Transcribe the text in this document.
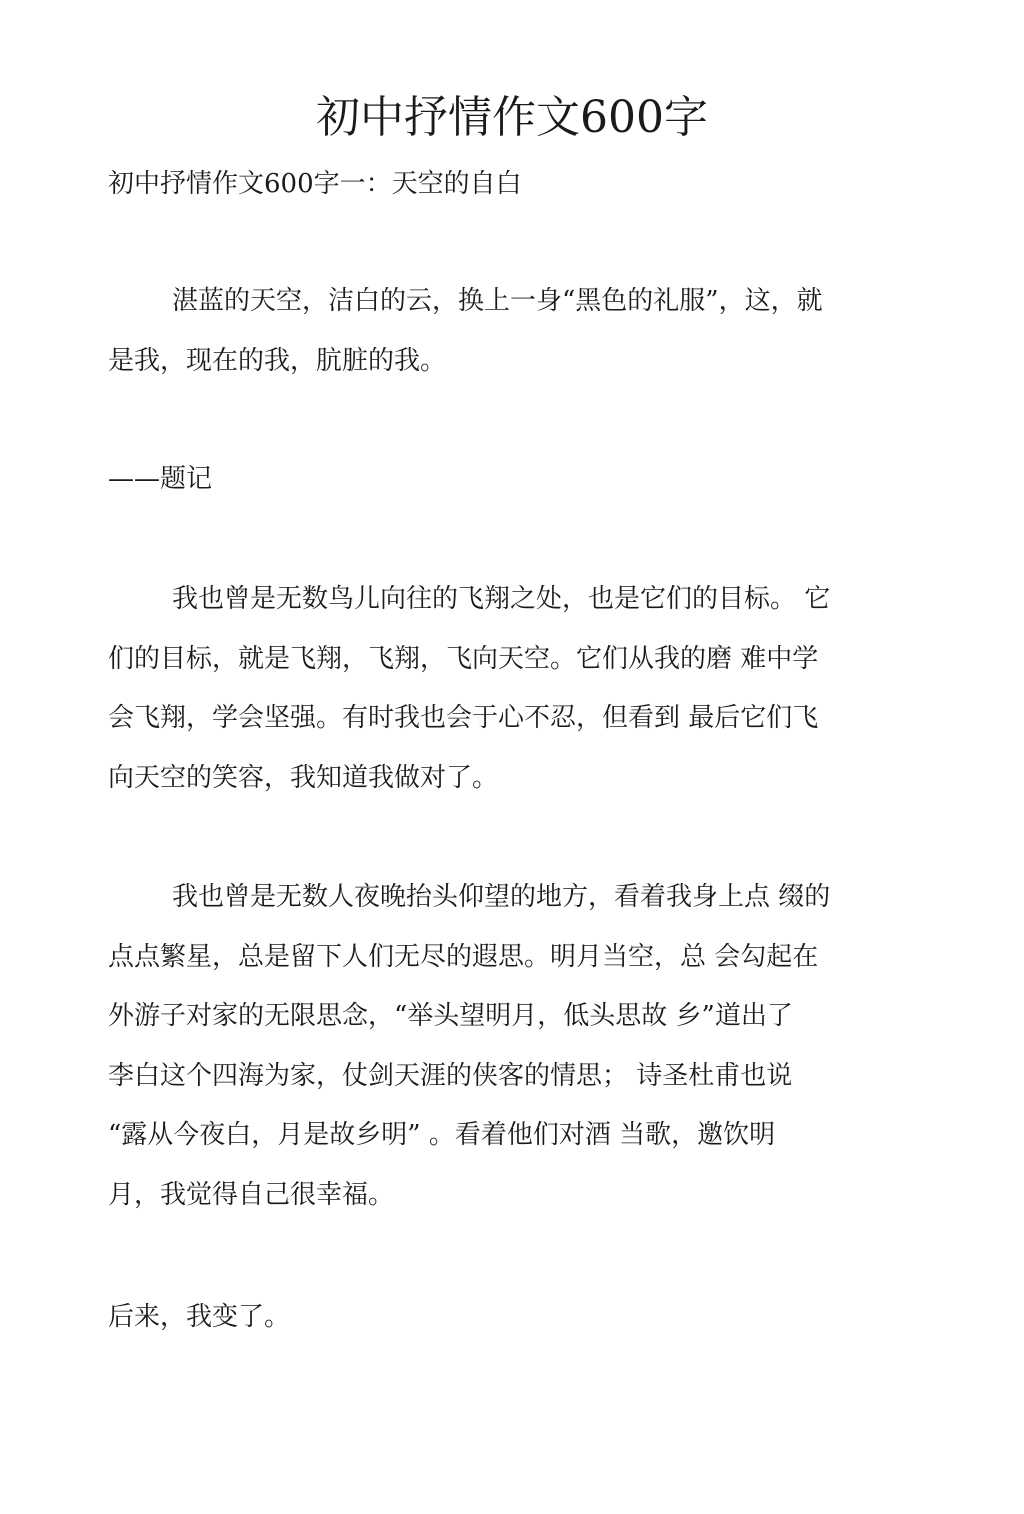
初中抒情作文600字

初中抒情作文600字一：天空的自白

湛蓝的天空，洁白的云，换上一身“黑色的礼服”，这，就
是我，现在的我，肮脏的我。
——题记
我也曾是无数鸟儿向往的飞翔之处，也是它们的目标。 它
们的目标，就是飞翔，飞翔，飞向天空。它们从我的磨 难中学
会飞翔，学会坚强。有时我也会于心不忍，但看到 最后它们飞
向天空的笑容，我知道我做对了。
我也曾是无数人夜晚抬头仰望的地方，看着我身上点 缀的
点点繁星，总是留下人们无尽的遐思。明月当空，总 会勾起在
外游子对家的无限思念，“举头望明月，低头思故 乡”道出了
李白这个四海为家，仗剑天涯的侠客的情思； 诗圣杜甫也说
“露从今夜白，月是故乡明” 。看着他们对酒 当歌，邀饮明
月，我觉得自己很幸福。
后来，我变了。
